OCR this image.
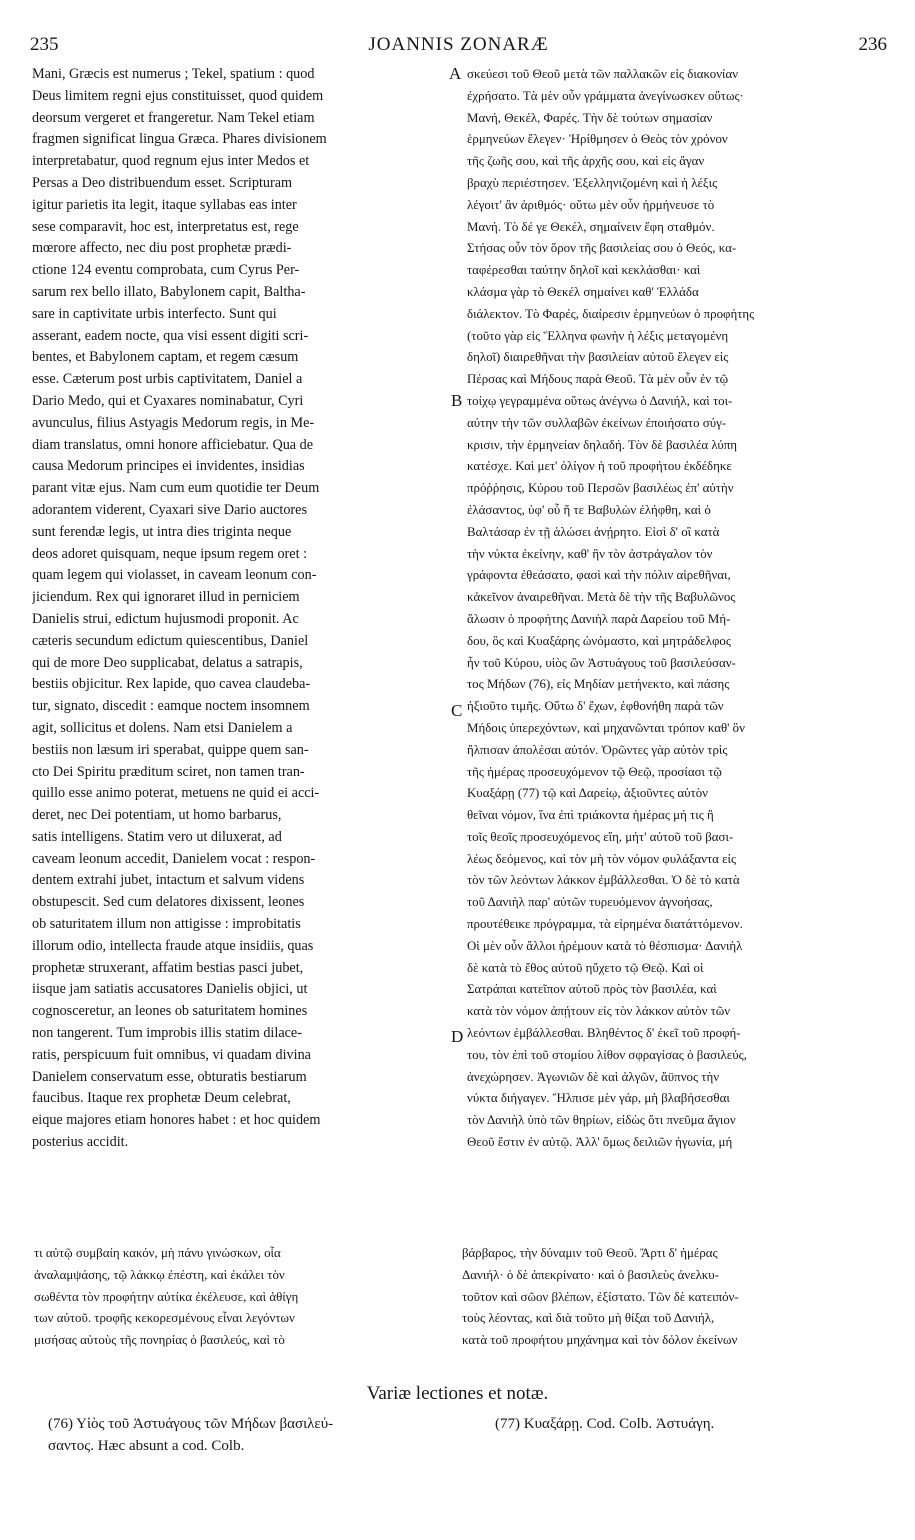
235	JOANNIS ZONARÆ	236
Mani, Græcis est numerus ; Tekel, spatium : quod
Deus limitem regni ejus constituisset, quod quidem
deorsum vergeret et frangeretur. Nam Tekel etiam
fragmen significat lingua Græca. Phares divisionem
interpretabatur, quod regnum ejus inter Medos et
Persas a Deo distribuendum esset. Scripturam
igitur parietis ita legit, itaque syllabas eas inter
sese comparavit, hoc est, interpretatus est, rege
mœrore affecto, nec diu post prophetæ prædi-
ctione 124 eventu comprobata, cum Cyrus Per-
sarum rex bello illato, Babylonem capit, Baltha-
sare in captivitate urbis interfecto. Sunt qui
asserant, eadem nocte, qua visi essent digiti scri-
bentes, et Babylonem captam, et regem cæsum
esse. Cæterum post urbis captivitatem, Daniel a
Dario Medo, qui et Cyaxares nominabatur, Cyri
avunculus, filius Astyagis Medorum regis, in Me-
diam translatus, omni honore afficiebatur. Qua de
causa Medorum principes ei invidentes, insidias
parant vitæ ejus. Nam cum eum quotidie ter Deum
adorantem viderent, Cyaxari sive Dario auctores
sunt ferendæ legis, ut intra dies triginta neque
deos adoret quisquam, neque ipsum regem oret :
quam legem qui violasset, in caveam leonum con-
jiciendum. Rex qui ignoraret illud in perniciem
Danielis strui, edictum hujusmodi proponit. Ac
cæteris secundum edictum quiescentibus, Daniel
qui de more Deo supplicabat, delatus a satrapis,
bestiis objicitur. Rex lapide, quo cavea claudeba-
tur, signato, discedit : eamque noctem insomnem
agit, sollicitus et dolens. Nam etsi Danielem a
bestiis non læsum iri sperabat, quippe quem san-
cto Dei Spiritu præditum sciret, non tamen tran-
quillo esse animo poterat, metuens ne quid ei acci-
deret, nec Dei potentiam, ut homo barbarus,
satis intelligens. Statim vero ut diluxerat, ad
caveam leonum accedit, Danielem vocat : respon-
dentem extrahi jubet, intactum et salvum videns
obstupescit. Sed cum delatores dixissent, leones
ob saturitatem illum non attigisse : improbitatis
illorum odio, intellecta fraude atque insidiis, quas
prophetæ struxerant, affatim bestias pasci jubet,
iisque jam satiatis accusatores Danielis objici, ut
cognosceretur, an leones ob saturitatem homines
non tangerent. Tum improbis illis statim dilace-
ratis, perspicuum fuit omnibus, vi quadam divina
Danielem conservatum esse, obturatis bestiarum
faucibus. Itaque rex prophetæ Deum celebrat,
eique majores etiam honores habet : et hoc quidem
posterius accidit.
σκεύεσι τοῦ Θεοῦ μετὰ τῶν παλλακῶν εἰς διακονίαν
ἐχρήσατο. Τὰ μὲν οὖν γράμματα ἀνεγίνωσκεν οὕτως·
Μανή, Θεκέλ, Φαρές. Τὴν δὲ τούτων σημασίαν
ἑρμηνεύων ἔλεγεν· Ἠρίθμησεν ὁ Θεὸς τὸν χρόνον
τῆς ζωῆς σου, καὶ τῆς ἀρχῆς σου, καὶ εἰς ἄγαν
βραχὺ περιέστησεν. Ἐξελληνιζομένη καὶ ἡ λέξις
λέγοιτ' ἂν ἀριθμός· οὕτω μὲν οὖν ἡρμήνευσε τὸ
Μανή. Τὸ δέ γε Θεκέλ, σημαίνειν ἔφη σταθμόν.
Στήσας οὖν τὸν ὅρον τῆς βασιλείας σου ὁ Θεός, κα-
ταφέρεσθαι ταύτην δηλοῖ καὶ κεκλάσθαι· καὶ
κλάσμα γὰρ τὸ Θεκέλ σημαίνει καθ' Ἑλλάδα
διάλεκτον. Τὸ Φαρές, διαίρεσιν ἑρμηνεύων ὁ προφήτης
(τοῦτο γὰρ εἰς Ἕλληνα φωνὴν ἡ λέξις μεταγομένη
δηλοῖ) διαιρεθῆναι τὴν βασιλείαν αὐτοῦ ἔλεγεν εἰς
Πέρσας καὶ Μήδους παρὰ Θεοῦ. Τὰ μὲν οὖν ἐν τῷ
τοίχῳ γεγραμμένα οὕτως ἀνέγνω ὁ Δανιήλ, καὶ τοι-
αύτην τὴν τῶν συλλαβῶν ἐκείνων ἐποιήσατο σύγ-
κρισιν, τὴν ἑρμηνείαν δηλαδή. Τὸν δὲ βασιλέα λύπη
κατέσχε. Καὶ μετ' ὀλίγον ἡ τοῦ προφήτου ἐκδέδηκε
πρόῤῥησις, Κύρου τοῦ Περσῶν βασιλέως ἐπ' αὐτὴν
ἐλάσαντος, ὑφ' οὗ ἥ τε Βαβυλὼν ἐλήφθη, καὶ ὁ
Βαλτάσαρ ἐν τῇ ἁλώσει ἀνῄρητο. Εἰσὶ δ' οἳ κατὰ
τὴν νύκτα ἐκείνην, καθ' ἣν τὸν ἀστράγαλον τὸν
γράφοντα ἐθεάσατο, φασὶ καὶ τὴν πόλιν αἱρεθῆναι,
κἀκεῖνον ἀναιρεθῆναι. Μετὰ δὲ τὴν τῆς Βαβυλῶνος
ἅλωσιν ὁ προφήτης Δανιὴλ παρὰ Δαρείου τοῦ Μή-
δου, ὃς καὶ Κυαξάρης ὠνόμαστο, καὶ μητράδελφος
ἦν τοῦ Κύρου, υἱὸς ὢν Ἀστυάγους τοῦ βασιλεύσαν-
τος Μήδων (76), εἰς Μηδίαν μετήνεκτο, καὶ πάσης
ἠξιοῦτο τιμῆς. Οὕτω δ' ἔχων, ἐφθονήθη παρὰ τῶν
Μήδοις ὑπερεχόντων, καὶ μηχανῶνται τρόπον καθ' ὃν
ἤλπισαν ἀπολέσαι αὐτόν. Ὁρῶντες γὰρ αὐτὸν τρὶς
τῆς ἡμέρας προσευχόμενον τῷ Θεῷ, προσίασι τῷ
Κυαξάρῃ (77) τῷ καὶ Δαρείῳ, ἀξιοῦντες αὐτὸν
θεῖναι νόμον, ἵνα ἐπὶ τριάκοντα ἡμέρας μή τις ἢ
τοῖς θεοῖς προσευχόμενος εἴη, μήτ' αὐτοῦ τοῦ βασι-
λέως δεόμενος, καὶ τὸν μὴ τὸν νόμον φυλάξαντα εἰς
τὸν τῶν λεόντων λάκκον ἐμβάλλεσθαι. Ὁ δὲ τὸ κατὰ
τοῦ Δανιὴλ παρ' αὐτῶν τυρευόμενον ἀγνοήσας,
προυτέθεικε πρόγραμμα, τὰ εἰρημένα διατάττόμενον.
Οἱ μὲν οὖν ἄλλοι ἠρέμουν κατὰ τὸ θέσπισμα· Δανιὴλ
δὲ κατὰ τὸ ἔθος αὐτοῦ ηὔχετο τῷ Θεῷ. Καὶ οἱ
Σατράπαι κατεῖπον αὐτοῦ πρὸς τὸν βασιλέα, καὶ
κατὰ τὸν νόμον ἀπῄτουν εἰς τὸν λάκκον αὐτὸν τῶν
λεόντων ἐμβάλλεσθαι. Βληθέντος δ' ἐκεῖ τοῦ προφή-
του, τὸν ἐπὶ τοῦ στομίου λίθον σφραγίσας ὁ βασιλεύς,
ἀνεχώρησεν. Ἀγωνιῶν δὲ καὶ ἀλγῶν, ἄϋπνος τὴν
νύκτα διήγαγεν. Ἤλπισε μὲν γάρ, μὴ βλαβήσεσθαι
τὸν Δανιὴλ ὑπὸ τῶν θηρίων, εἰδὼς ὅτι πνεῦμα ἅγιον
Θεοῦ ἔστιν ἐν αὐτῷ. Ἀλλ' ὅμως δειλιῶν ἠγωνία, μή
A
B
C
D
τι αὐτῷ συμβαίη κακόν, μὴ πάνυ γινώσκων, οἷα
ἀναλαμψάσης, τῷ λάκκῳ ἐπέστη, καὶ ἐκάλει τὸν
σωθέντα τὸν προφήτην αὐτίκα ἐκέλευσε, καὶ ἀθίγη
των αὐτοῦ. τροφῆς κεκορεσμένους εἶναι λεγόντων
μισήσας αὐτοὺς τῆς πονηρίας ὁ βασιλεύς, καὶ τὸ
βάρβαρος, τὴν δύναμιν τοῦ Θεοῦ. Ἄρτι δ' ἡμέρας
Δανιήλ· ὁ δὲ ἀπεκρίνατο· καὶ ὁ βασιλεὺς ἀνελκυ-
τοῦτον καὶ σῶον βλέπων, ἐξίστατο. Τῶν δὲ κατειπόν-
τοὺς λέοντας, καὶ διὰ τοῦτο μὴ θίξαι τοῦ Δανιήλ,
κατὰ τοῦ προφήτου μηχάνημα καὶ τὸν δόλον ἐκείνων
Variæ lectiones et notæ.
(76) Υἱὸς τοῦ Ἀστυάγους τῶν Μήδων βασιλεύ-
σαντος. Hæc absunt a cod. Colb.
(77) Κυαξάρῃ. Cod. Colb. Ἀστυάγη.
